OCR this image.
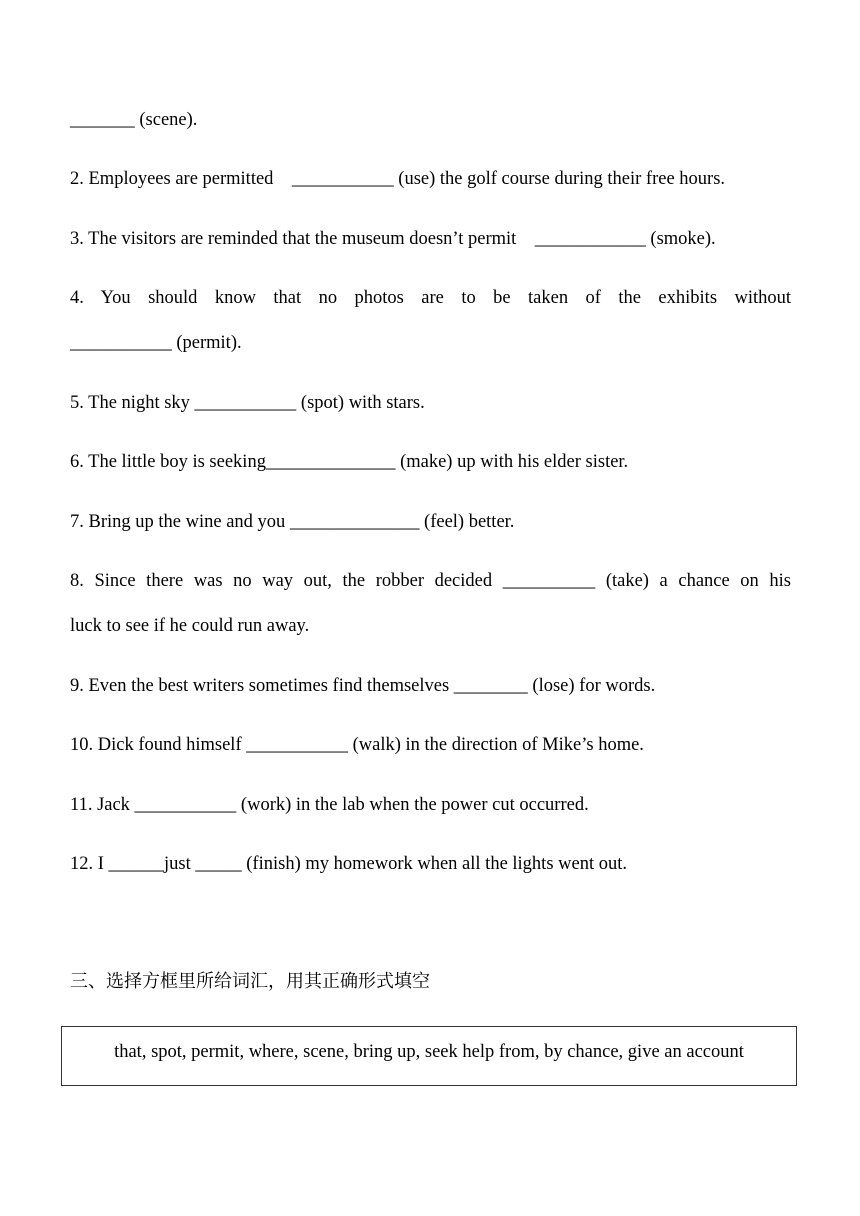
_______ (scene).
2. Employees are permitted    ___________ (use) the golf course during their free hours.
3. The visitors are reminded that the museum doesn’t permit    ____________ (smoke).
4. You should know that no photos are to be taken of the exhibits without
___________ (permit).
5. The night sky ___________ (spot) with stars.
6. The little boy is seeking______________ (make) up with his elder sister.
7. Bring up the wine and you ______________ (feel) better.
8. Since there was no way out, the robber decided __________ (take) a chance on his
luck to see if he could run away.
9. Even the best writers sometimes find themselves ________ (lose) for words.
10. Dick found himself ___________ (walk) in the direction of Mike’s home.
11. Jack ___________ (work) in the lab when the power cut occurred.
12. I ______just _____ (finish) my homework when all the lights went out.
三、选择方框里所给词汇，用其正确形式填空
that, spot, permit, where, scene, bring up, seek help from, by chance, give an account
